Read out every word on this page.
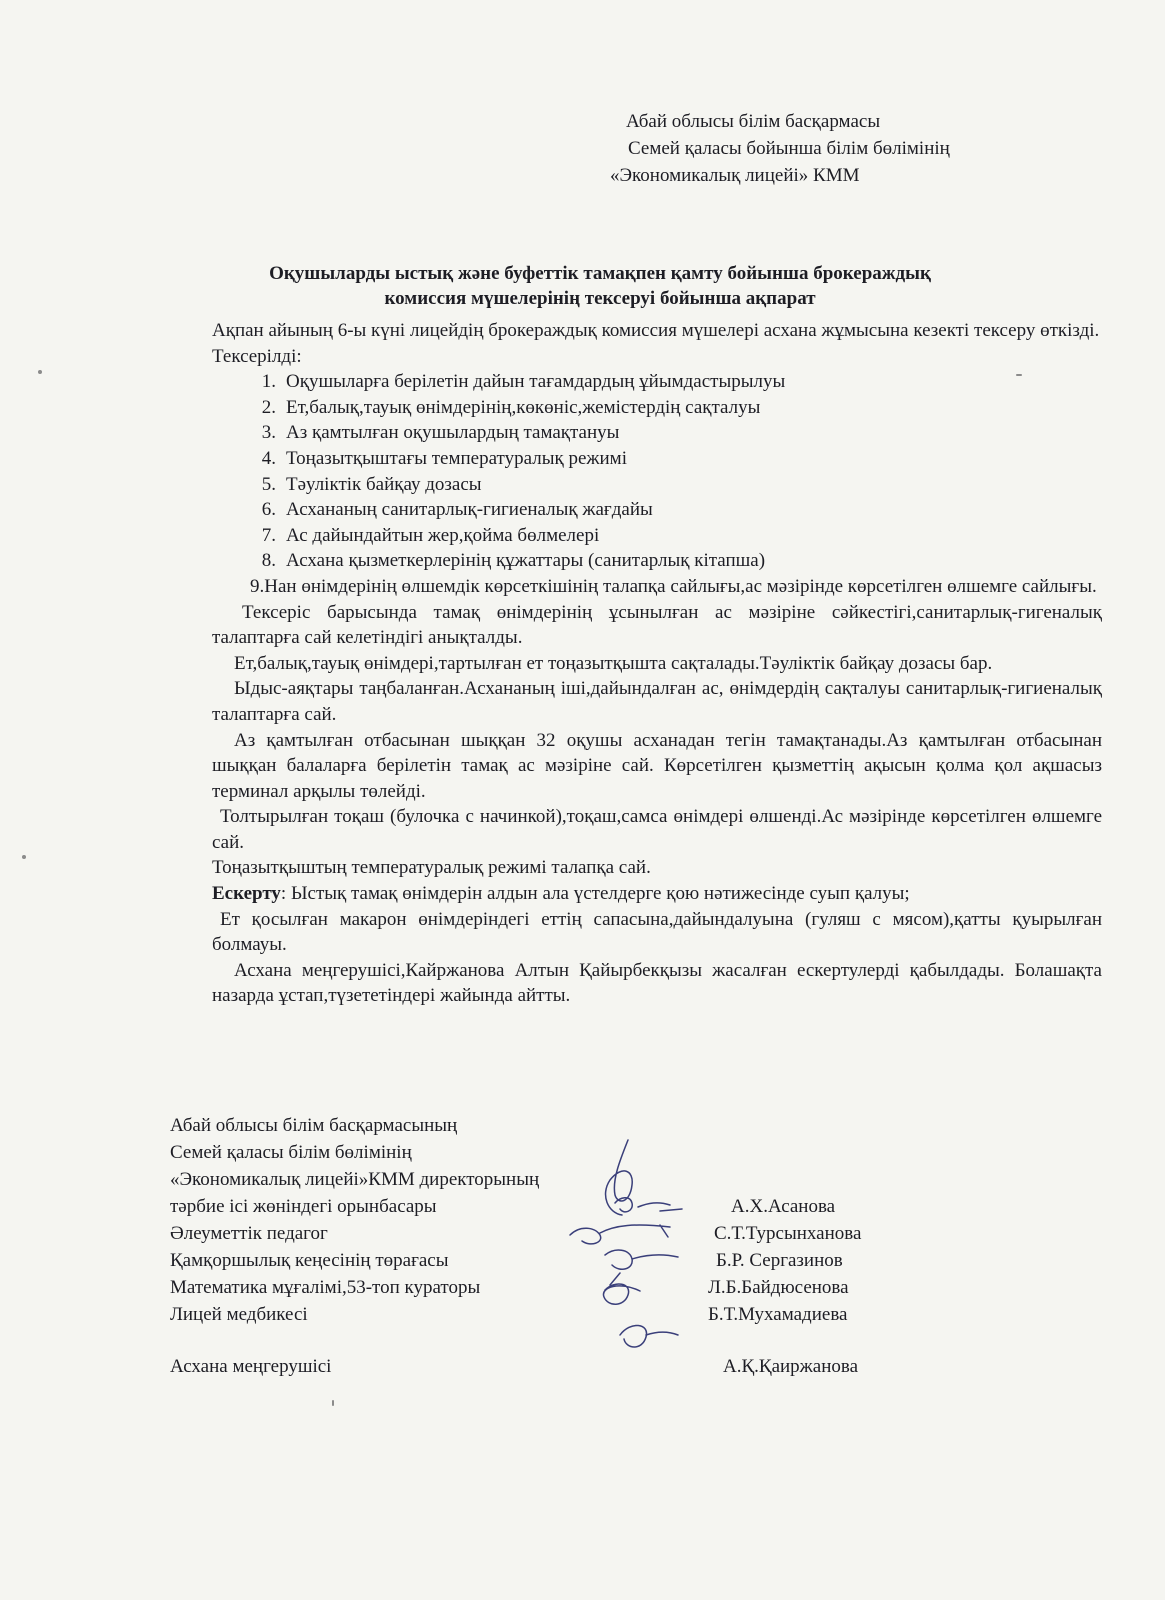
Абай облысы білім басқармасы
Семей қаласы бойынша білім бөлімінің
«Экономикалық лицейі» КММ
Оқушыларды ыстық және буфеттік тамақпен қамту бойынша брокераждық
комиссия мүшелерінің тексеруі бойынша ақпарат

Ақпан айының 6-ы күні лицейдің брокераждық комиссия мүшелері асхана жұмысына кезекті тексеру өткізді.

Тексерілді:

1. Оқушыларға берілетін дайын тағамдардың ұйымдастырылуы
2. Ет,балық,тауық өнімдерінің,көкөніс,жемістердің сақталуы
3. Аз қамтылған оқушылардың тамақтануы
4. Тоңазытқыштағы температуралық режимі
5. Тәуліктік байқау дозасы
6. Асхананың санитарлық-гигиеналық жағдайы
7. Ас дайындайтын жер,қойма бөлмелері
8. Асхана қызметкерлерінің құжаттары (санитарлық кітапша)

9.Нан өнімдерінің өлшемдік көрсеткішінің талапқа сайлығы,ас мәзірінде көрсетілген өлшемге сайлығы.

Тексеріс барысында тамақ өнімдерінің ұсынылған ас мәзіріне сәйкестігі,санитарлық-гигеналық талаптарға сай келетіндігі анықталды.

Ет,балық,тауық өнімдері,тартылған ет тоңазытқышта сақталады.Тәуліктік байқау дозасы бар.

Ыдыс-аяқтары таңбаланған.Асхананың іші,дайындалған ас, өнімдердің сақталуы санитарлық-гигиеналық талаптарға сай.

Аз қамтылған отбасынан шыққан 32 оқушы асханадан тегін тамақтанады.Аз қамтылған отбасынан шыққан балаларға берілетін тамақ ас мәзіріне сай. Көрсетілген қызметтің ақысын қолма қол ақшасыз терминал арқылы төлейді.

Толтырылған тоқаш (булочка с начинкой),тоқаш,самса өнімдері өлшенді.Ас мәзірінде көрсетілген өлшемге сай.

Тоңазытқыштың температуралық режимі талапқа сай.

Ескерту: Ыстық тамақ өнімдерін алдын ала үстелдерге қою нәтижесінде суып қалуы;

Ет қосылған макарон өнімдеріндегі еттің сапасына,дайындалуына (гуляш с мясом),қатты қуырылған болмауы.

Асхана меңгерушісі,Кайржанова Алтын Қайырбекқызы жасалған ескертулерді қабылдады. Болашақта назарда ұстап,түзететіндері жайында айтты.

Абай облысы білім басқармасының
Семей қаласы білім бөлімінің
«Экономикалық лицейі»КММ директорының
тәрбие ісі жөніндегі орынбасары	А.Х.Асанова
Әлеуметтік педагог	С.Т.Турсынханова
Қамқоршылық кеңесінің төрағасы	Б.Р. Сергазинов
Математика мұғалімі,53-топ кураторы	Л.Б.Байдюсенова
Лицей медбикесі	Б.Т.Мухамадиева
Асхана меңгерушісі	А.Қ.Қаиржанова
